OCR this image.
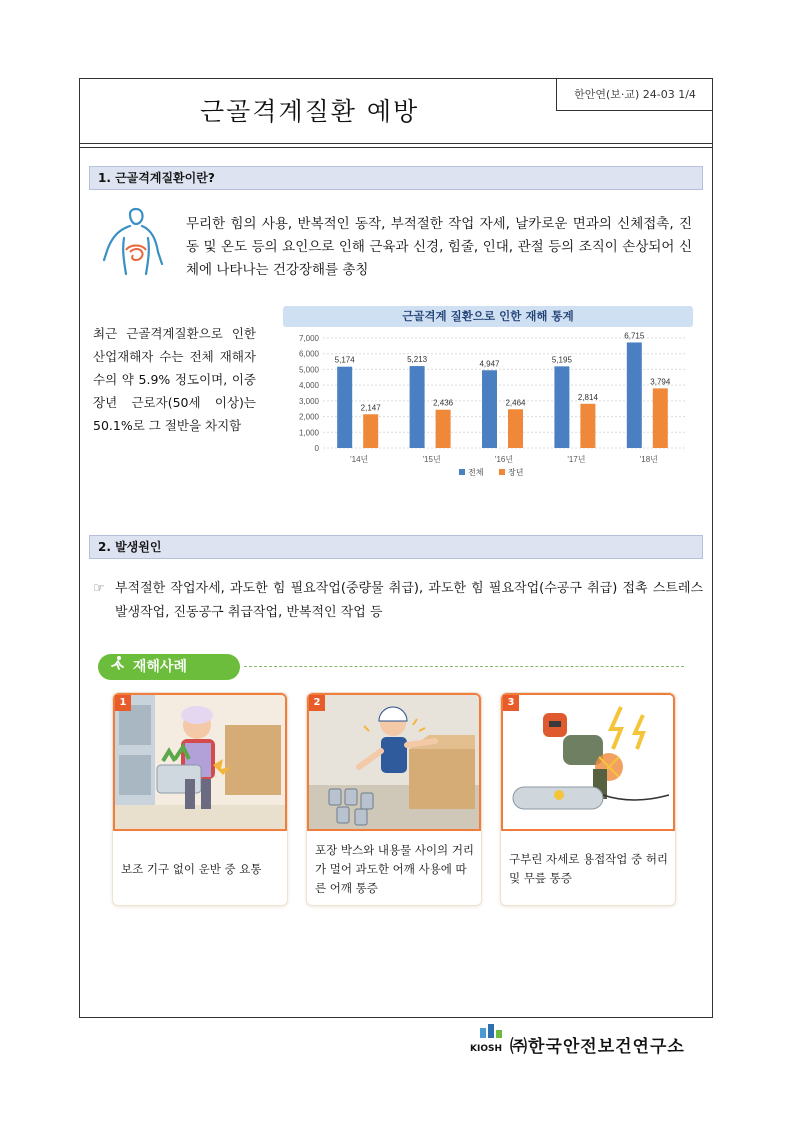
근골격계질환 예방
한안연(보·교) 24-03 1/4
1. 근골격계질환이란?
무리한 힘의 사용, 반복적인 동작, 부적절한 작업 자세, 날카로운 면과의 신체접촉, 진동 및 온도 등의 요인으로 인해 근육과 신경, 힘줄, 인대, 관절 등의 조직이 손상되어 신체에 나타나는 건강장해를 총칭
최근 근골격계질환으로 인한 산업재해자 수는 전체 재해자 수의 약 5.9% 정도이며, 이중 장년 근로자(50세 이상)는 50.1%로 그 절반을 차지함
근골격계 질환으로 인한 재해 통계
0
1,000
2,000
3,000
4,000
5,000
6,000
7,000
5,174
2,147
'14년
5,213
2,436
'15년
4,947
2,464
'16년
5,195
2,814
'17년
6,715
3,794
'18년
전체	장년
2. 발생원인
☞ 부적절한 작업자세, 과도한 힘 필요작업(중량물 취급), 과도한 힘 필요작업(수공구 취급) 접촉 스트레스 발생작업, 진동공구 취급작업, 반복적인 작업 등
재해사례
1
보조 기구 없이 운반 중 요통
2
포장 박스와 내용물 사이의 거리가 멀어 과도한 어깨 사용에 따른 어깨 통증
3
구부린 자세로 용접작업 중 허리 및 무릎 통증
KIOSH ㈜한국안전보건연구소
